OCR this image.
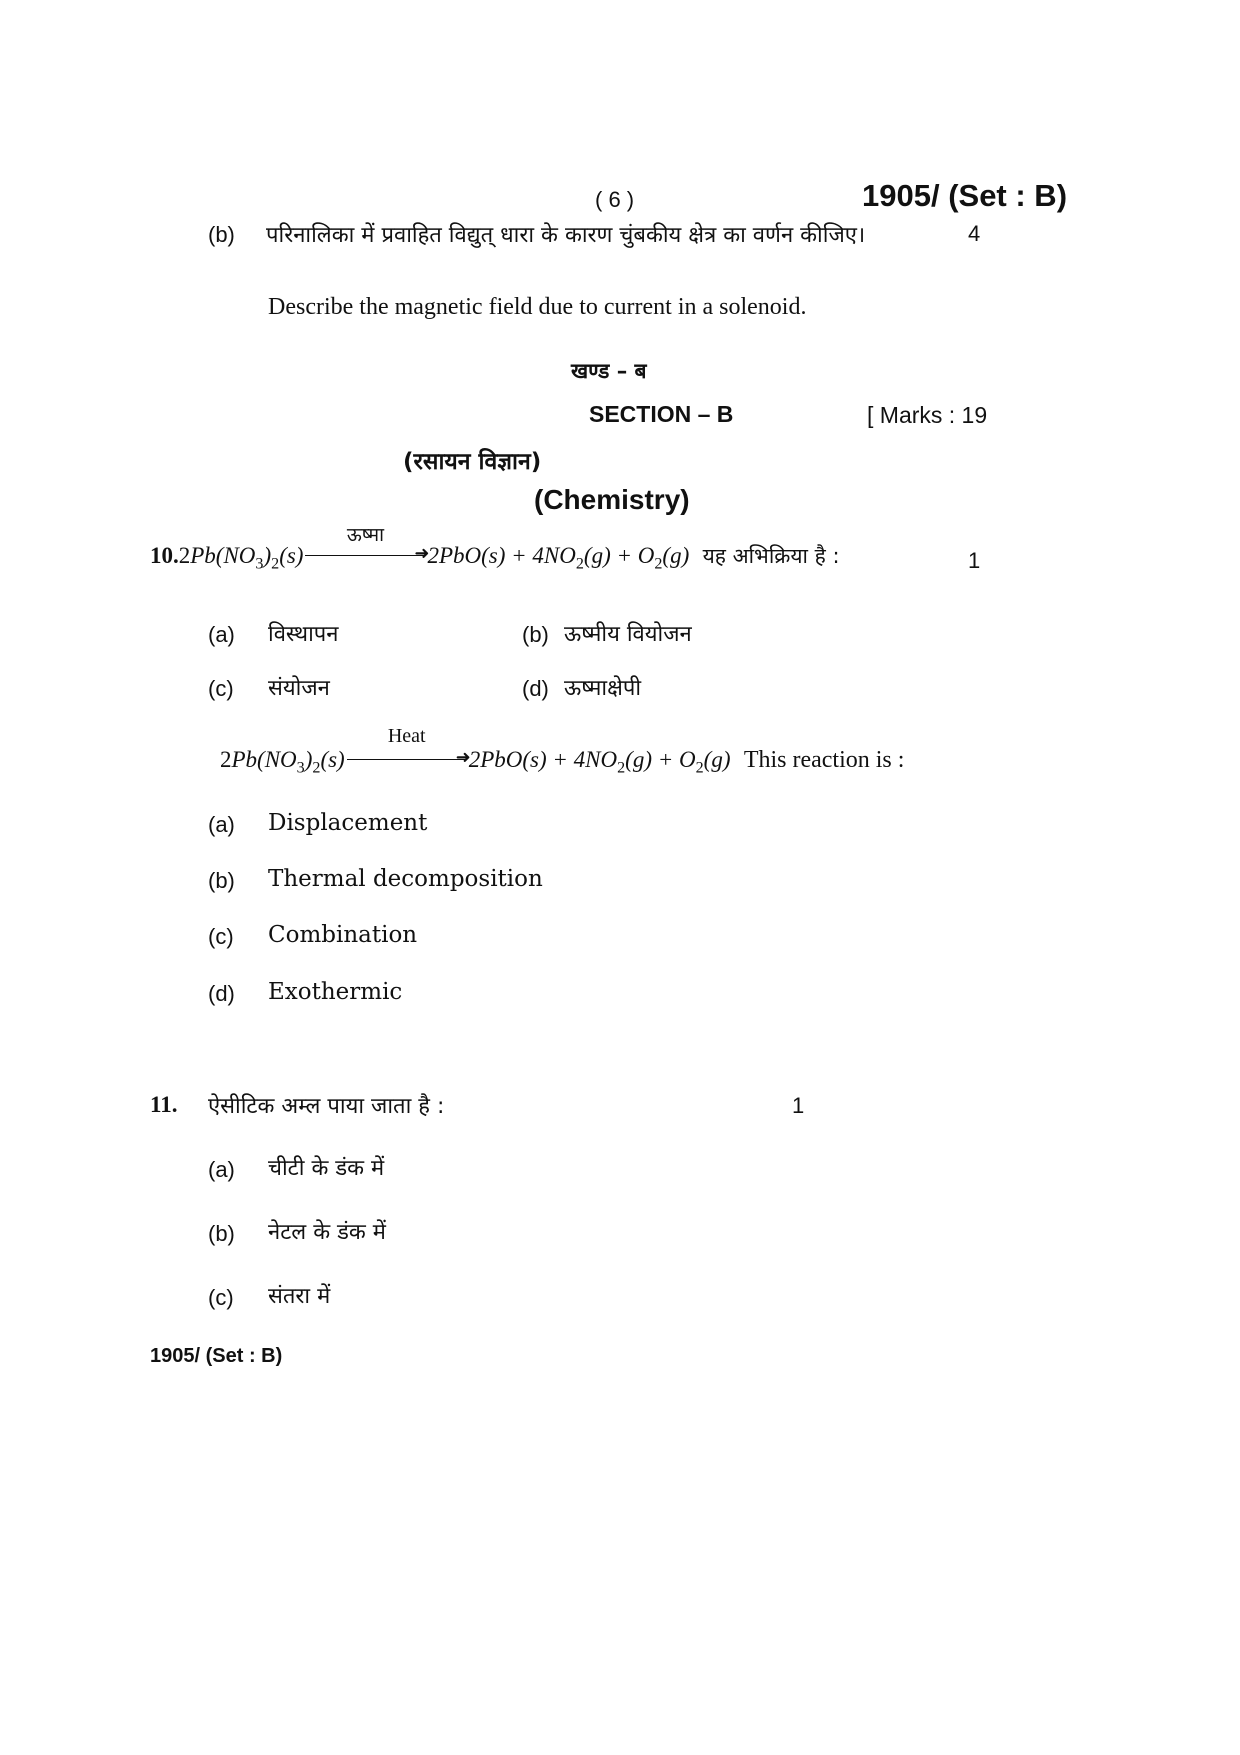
( 6 )	1905/ (Set : B)
(b) परिनालिका में प्रवाहित विद्युत् धारा के कारण चुंबकीय क्षेत्र का वर्णन कीजिए।	4
Describe the magnetic field due to current in a solenoid.
खण्ड – ब
SECTION – B	[ Marks : 19
(रसायन विज्ञान)
(Chemistry)
$10.2Pb(NO_3)_2(s)$
ऊष्मा
➜
$2PbO(s) + 4NO_2(g) + O_2(g)$ यह अभिक्रिया है :	1
(a) विस्थापन	(b) ऊष्मीय वियोजन
(c) संयोजन	(d) ऊष्माक्षेपी
$2Pb(NO_3)_2(s)$
Heat
➜
$2PbO(s) + 4NO_2(g) + O_2(g)$ This reaction is :
(a) Displacement
(b) Thermal decomposition
(c) Combination
(d) Exothermic
11. ऐसीटिक अम्ल पाया जाता है :	1
(a) चीटी के डंक में
(b) नेटल के डंक में
(c) संतरा में
1905/ (Set : B)
